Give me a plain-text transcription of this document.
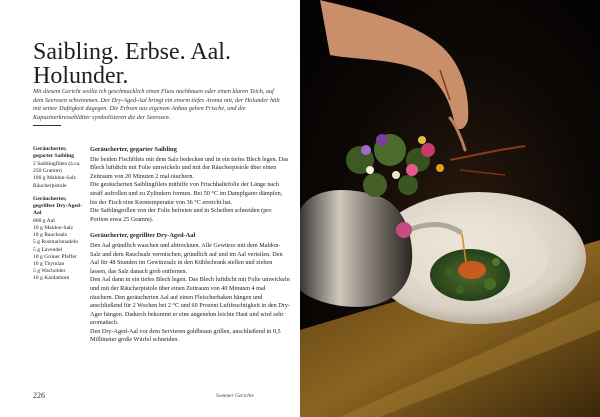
Saibling. Erbse. Aal. Holunder.

Mit diesem Gericht wollte ich geschmacklich einen Fluss nachbauen oder einen klaren Teich, auf dem Seerosen schwimmen. Der Dry-Aged-Aal bringt ein enorm tiefes Aroma mit, der Holunder hält mit seiner Duftigkeit dagegen. Die Erbsen aus eigenem Anbau geben Frische, und die Kapuzinerkresseblätter symbolisieren die der Seerosen.

Geräucherter, gegarter Saibling
2 Saiblingfilets (à ca. 250 Gramm)
100 g Maldon-Salz
Räucherpistole
Geräucherter, gegrillter Dry-Aged-Aal
800 g Aal
10 g Maldon-Salz
10 g Rauchsalz
5 g Rosmarinnadeln
5 g Lavendel
10 g Grüner Pfeffer
10 g Thymian
5 g Wacholder
10 g Kardamom
Geräucherter, gegarter Saibling

Die beiden Fischfilets mit dem Salz bedecken und in ein tiefes Blech legen. Das Blech luftdicht mit Folie umwickeln und mit der Räucherpistole über einen Zeitraum von 20 Minuten 2 mal räuchern.

Die geräucherten Saiblingfilets mithilfe von Frischhaltefolie der Länge nach straff aufrollen und zu Zylindern formen. Bei 50 °C im Dampfgarer dämpfen, bis der Fisch eine Kerntemperatur von 36 °C erreicht hat.

Die Saiblingrollen von der Folie befreien und in Scheiben schneiden (pro Portion etwa 25 Gramm).

Geräucherter, gegrillter Dry-Aged-Aal

Den Aal gründlich waschen und abtrocknen. Alle Gewürze mit dem Maldon-Salz und dem Rauchsalz vermischen, gründlich auf und im Aal verteilen. Den Aal für 48 Stunden im Gewürzsalz in den Kühlschrank stellen und ziehen lassen, das Salz danach grob entfernen.

Den Aal dann in ein tiefes Blech legen. Das Blech luftdicht mit Folie umwickeln und mit der Räucherpistole über einen Zeitraum von 40 Minuten 4 mal räuchern. Den geräucherten Aal auf einen Fleischerhaken hängen und anschließend für 2 Wochen bei 2 °C und 60 Prozent Luftfeuchtigkeit in den Dry-Ager hängen. Dadurch bekommt er eine angenehm leichte Haut und wird sehr aromatisch.

Den Dry-Aged-Aal vor dem Servieren goldbraun grillen, anschließend in 0,5 Millimeter große Würfel schneiden.

226	Sommer Gerichte
